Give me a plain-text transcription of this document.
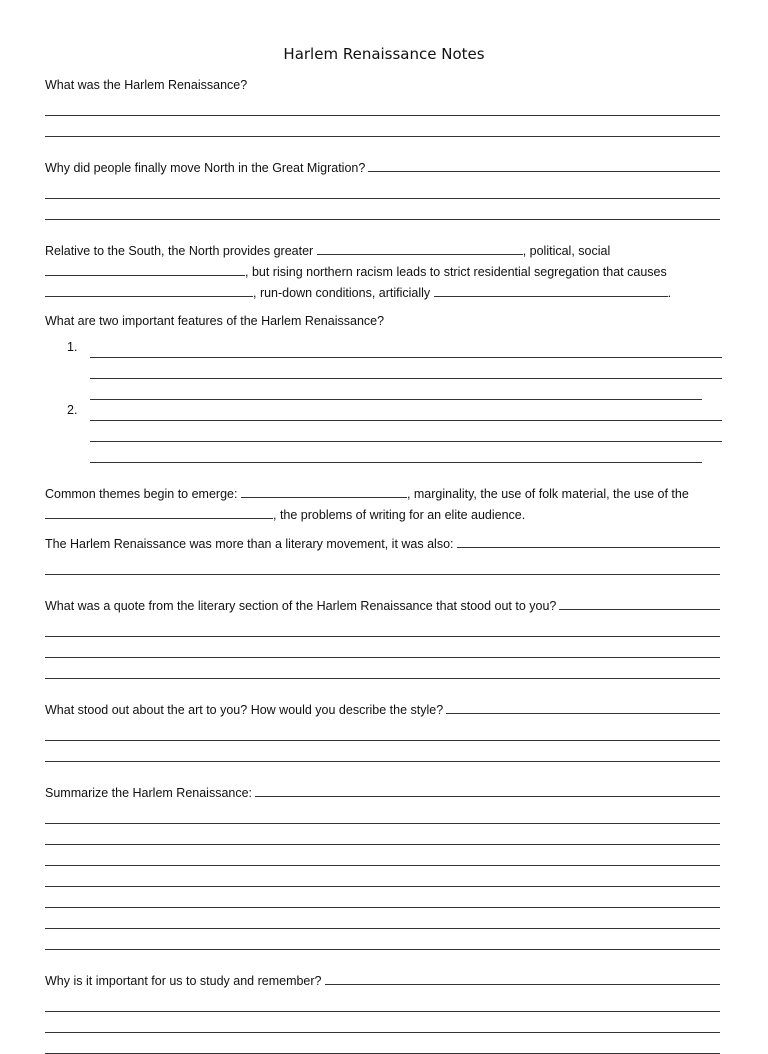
Harlem Renaissance Notes
What was the Harlem Renaissance?
Why did people finally move North in the Great Migration?
Relative to the South, the North provides greater	, political, social
, but rising northern racism leads to strict residential segregation that causes
, run-down conditions, artificially	.
What are two important features of the Harlem Renaissance?
1.
2.
Common themes begin to emerge:	, marginality, the use of folk material, the use of the
, the problems of writing for an elite audience.
The Harlem Renaissance was more than a literary movement, it was also:
What was a quote from the literary section of the Harlem Renaissance that stood out to you?
What stood out about the art to you? How would you describe the style?
Summarize the Harlem Renaissance:
Why is it important for us to study and remember?
